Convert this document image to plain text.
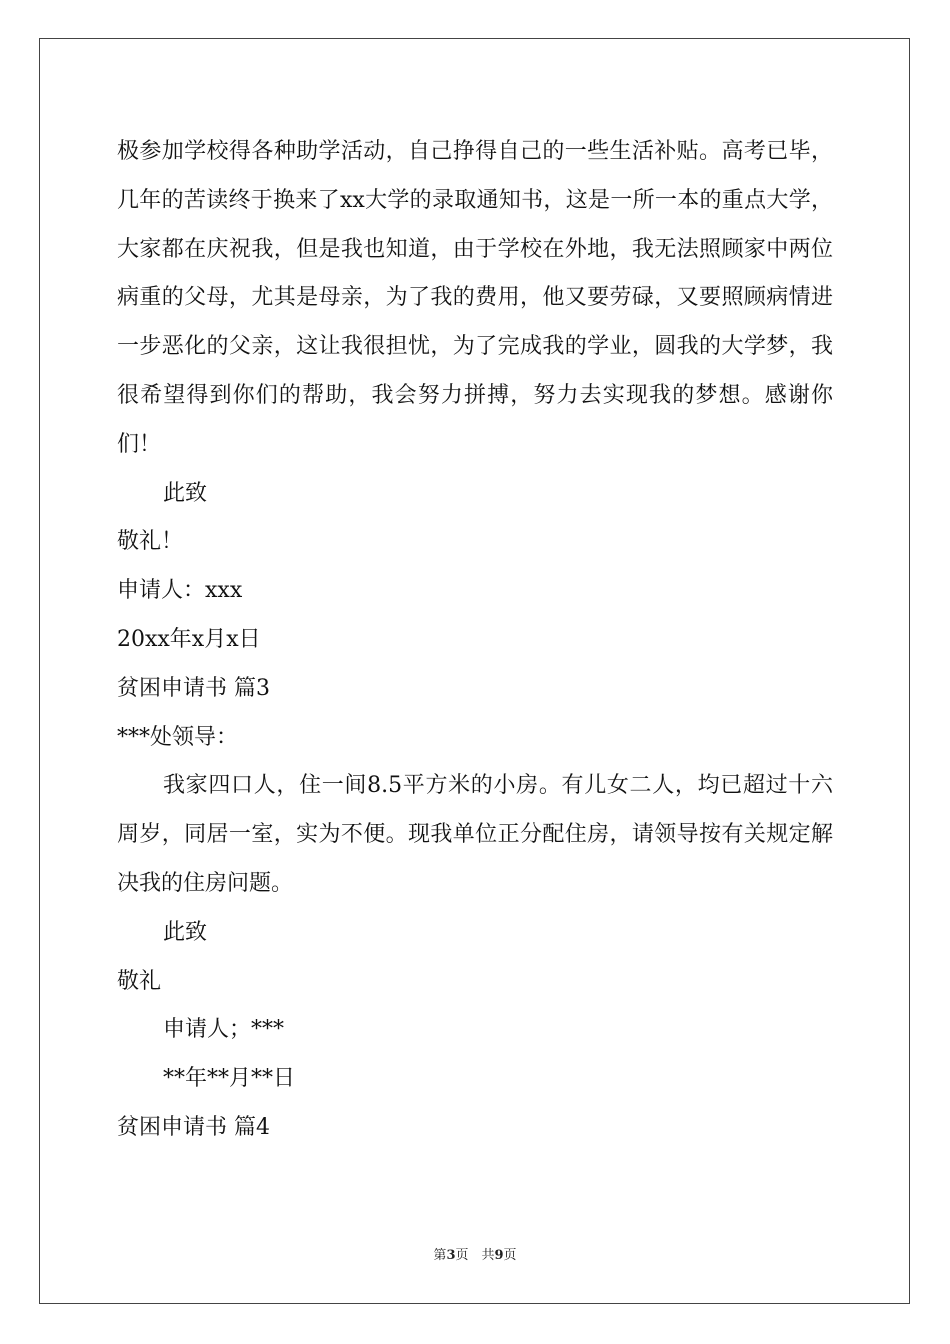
极参加学校得各种助学活动，自己挣得自己的一些生活补贴。高考已毕，几年的苦读终于换来了xx大学的录取通知书，这是一所一本的重点大学，大家都在庆祝我，但是我也知道，由于学校在外地，我无法照顾家中两位病重的父母，尤其是母亲，为了我的费用，他又要劳碌，又要照顾病情进一步恶化的父亲，这让我很担忧，为了完成我的学业，圆我的大学梦，我很希望得到你们的帮助，我会努力拼搏，努力去实现我的梦想。感谢你们！
此致
敬礼！
申请人：xxx
20xx年x月x日
贫困申请书 篇3
***处领导：
我家四口人，住一间8.5平方米的小房。有儿女二人，均已超过十六周岁，同居一室，实为不便。现我单位正分配住房，请领导按有关规定解决我的住房问题。
此致
敬礼
申请人；***
**年**月**日
贫困申请书 篇4
第3页　共9页
